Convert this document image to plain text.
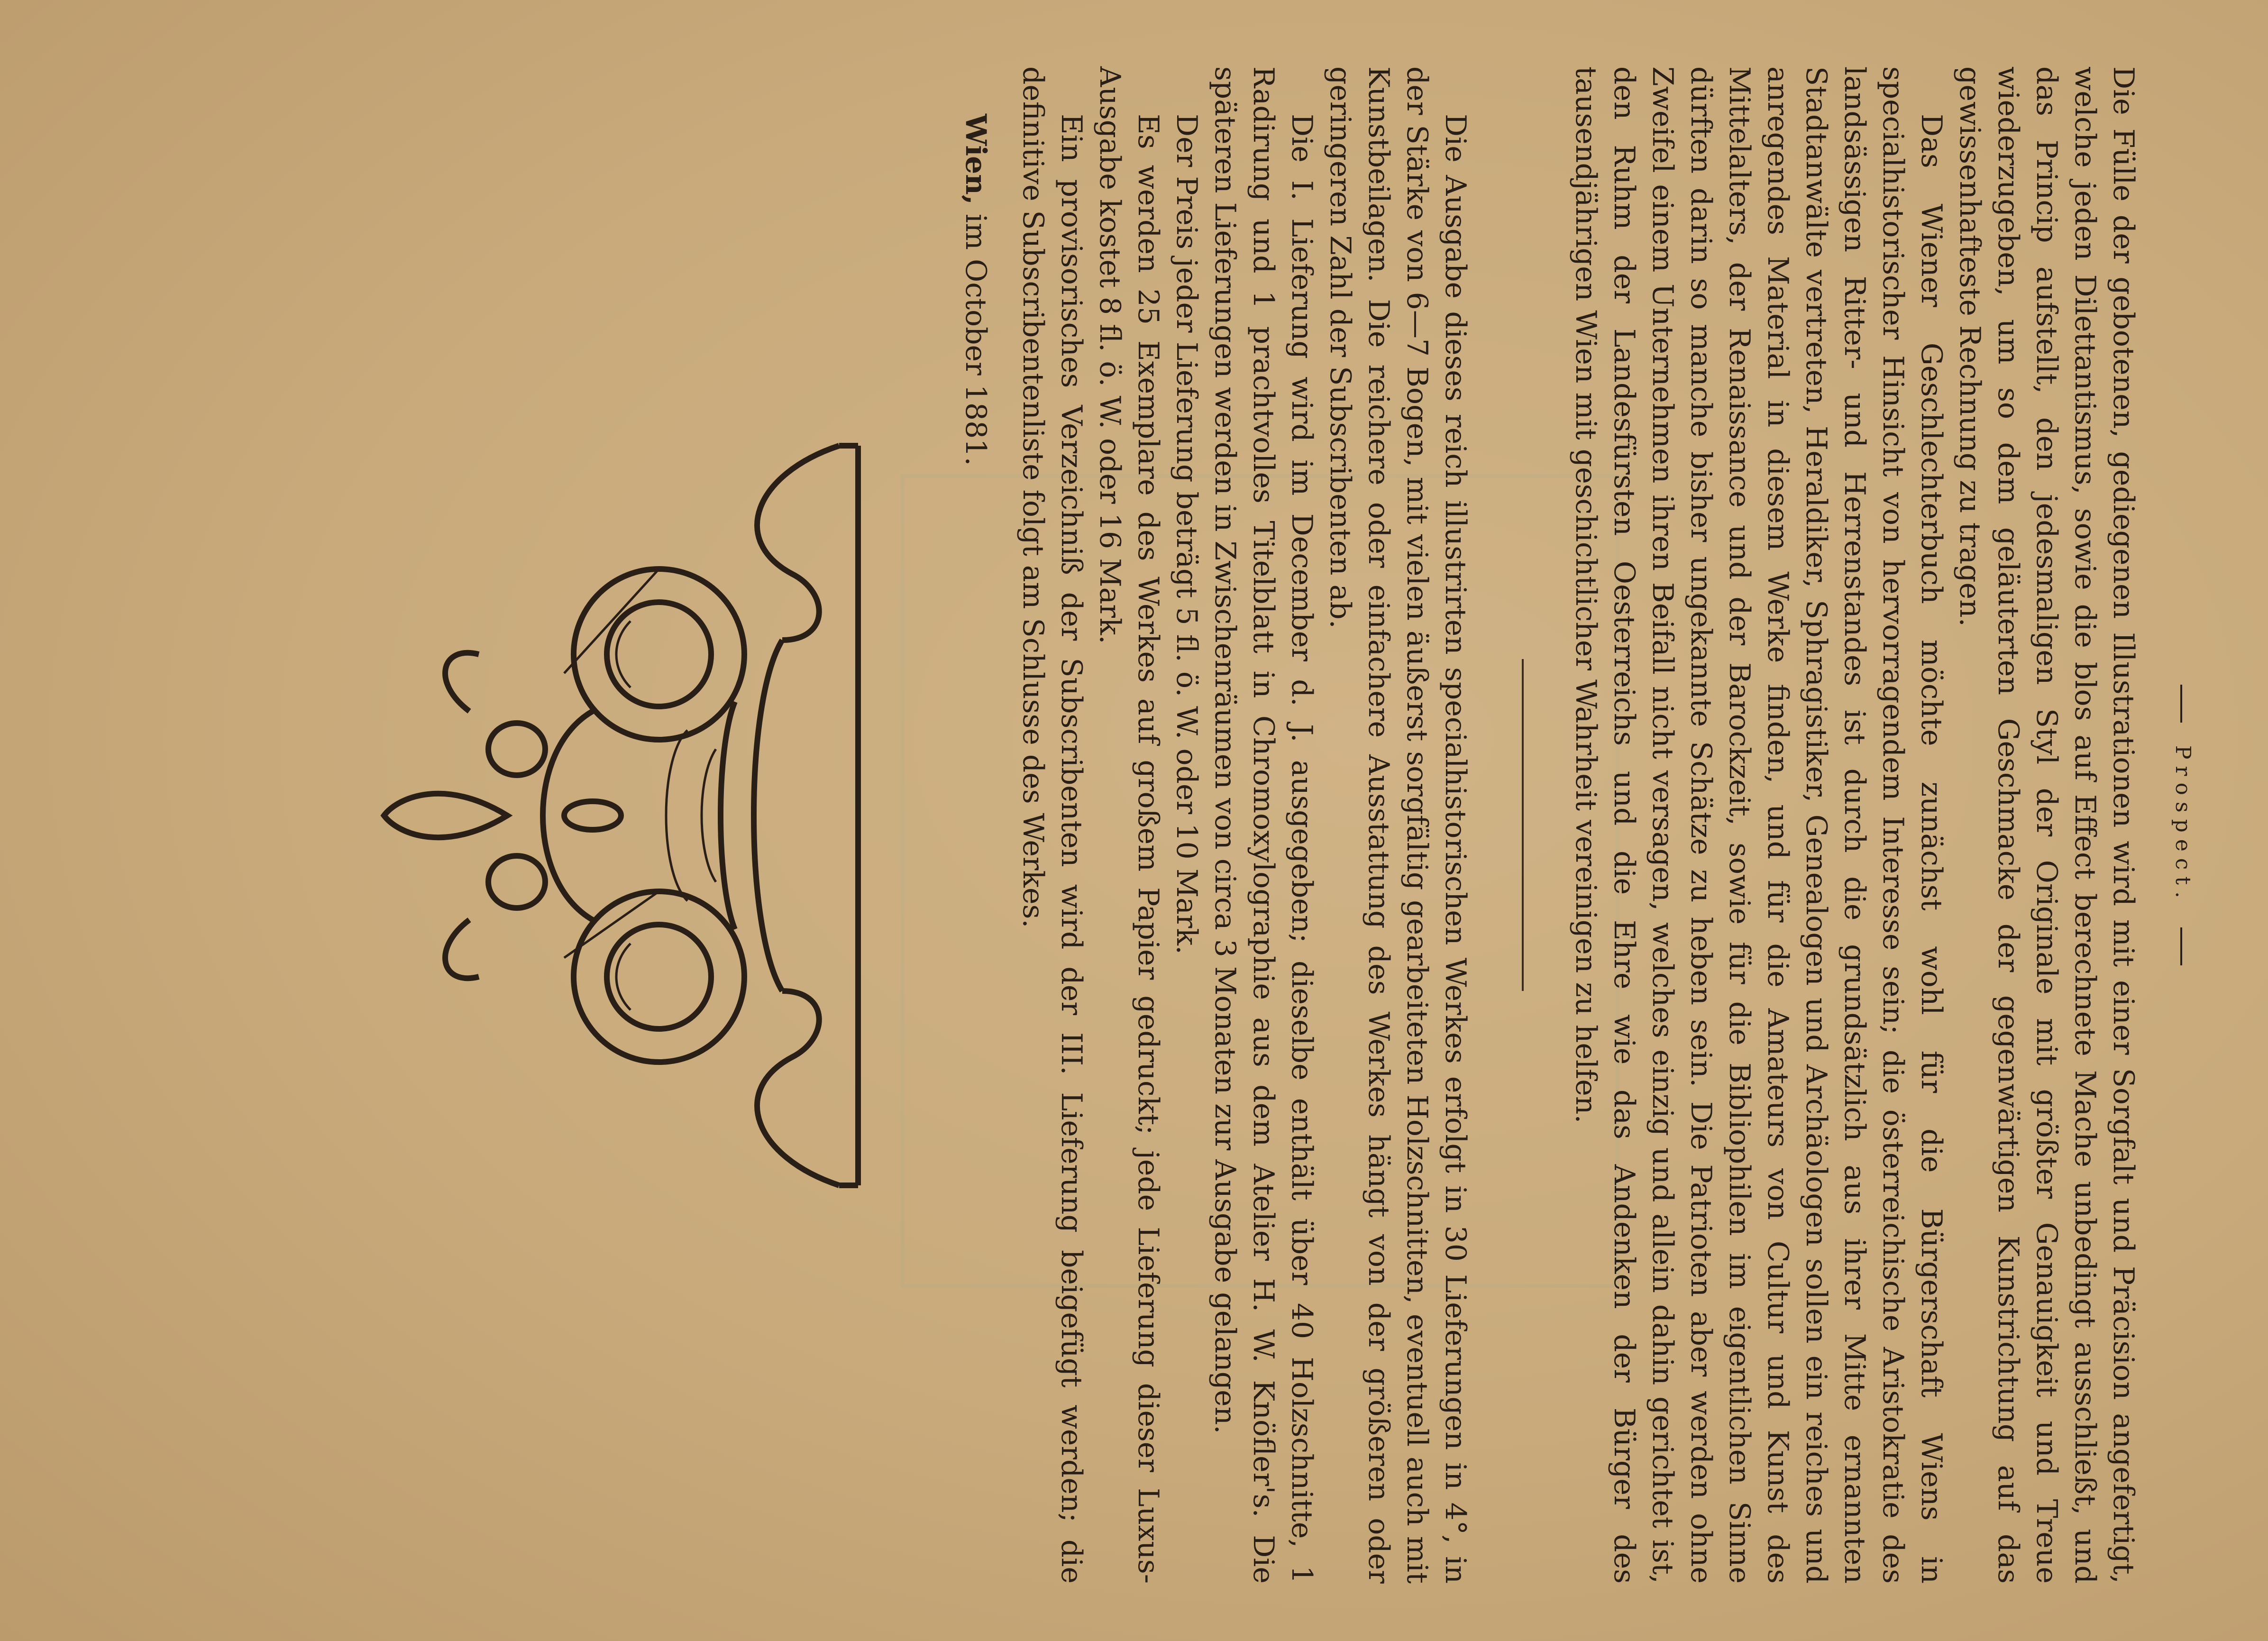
Prospect.

Die Fülle der gebotenen, gediegenen Illustrationen wird mit einer Sorgfalt und Präcision angefertigt, welche jeden Dilettantismus, sowie die blos auf Effect berechnete Mache unbedingt ausschließt, und das Princip aufstellt, den jedesmaligen Styl der Originale mit größter Genauigkeit und Treue wiederzugeben, um so dem geläuterten Geschmacke der gegenwärtigen Kunstrichtung auf das gewissenhafteste Rechnung zu tragen.

Das Wiener Geschlechterbuch möchte zunächst wohl für die Bürgerschaft Wiens in specialhistorischer Hinsicht von hervorragendem Interesse sein; die österreichische Aristokratie des landsässigen Ritter- und Herrenstandes ist durch die grundsätzlich aus ihrer Mitte ernannten Stadtanwälte vertreten, Heraldiker, Sphragistiker, Genealogen und Archäologen sollen ein reiches und anregendes Material in diesem Werke finden, und für die Amateurs von Cultur und Kunst des Mittelalters, der Renaissance und der Barockzeit, sowie für die Bibliophilen im eigentlichen Sinne dürften darin so manche bisher ungekannte Schätze zu heben sein. Die Patrioten aber werden ohne Zweifel einem Unternehmen ihren Beifall nicht versagen, welches einzig und allein dahin gerichtet ist, den Ruhm der Landesfürsten Oesterreichs und die Ehre wie das Andenken der Bürger des tausendjährigen Wien mit geschichtlicher Wahrheit vereinigen zu helfen.

Die Ausgabe dieses reich illustrirten specialhistorischen Werkes erfolgt in 30 Lieferungen in 4°, in der Stärke von 6—7 Bogen, mit vielen äußerst sorgfältig gearbeiteten Holzschnitten, eventuell auch mit Kunstbeilagen. Die reichere oder einfachere Ausstattung des Werkes hängt von der größeren oder geringeren Zahl der Subscribenten ab.

Die I. Lieferung wird im December d. J. ausgegeben; dieselbe enthält über 40 Holzschnitte, 1 Radirung und 1 prachtvolles Titelblatt in Chromoxylographie aus dem Atelier H. W. Knöfler's. Die späteren Lieferungen werden in Zwischenräumen von circa 3 Monaten zur Ausgabe gelangen.

Der Preis jeder Lieferung beträgt 5 fl. ö. W. oder 10 Mark.

Es werden 25 Exemplare des Werkes auf großem Papier gedruckt; jede Lieferung dieser Luxus-Ausgabe kostet 8 fl. ö. W. oder 16 Mark.

Ein provisorisches Verzeichniß der Subscribenten wird der III. Lieferung beigefügt werden; die definitive Subscribentenliste folgt am Schlusse des Werkes.

Wien, im October 1881.
